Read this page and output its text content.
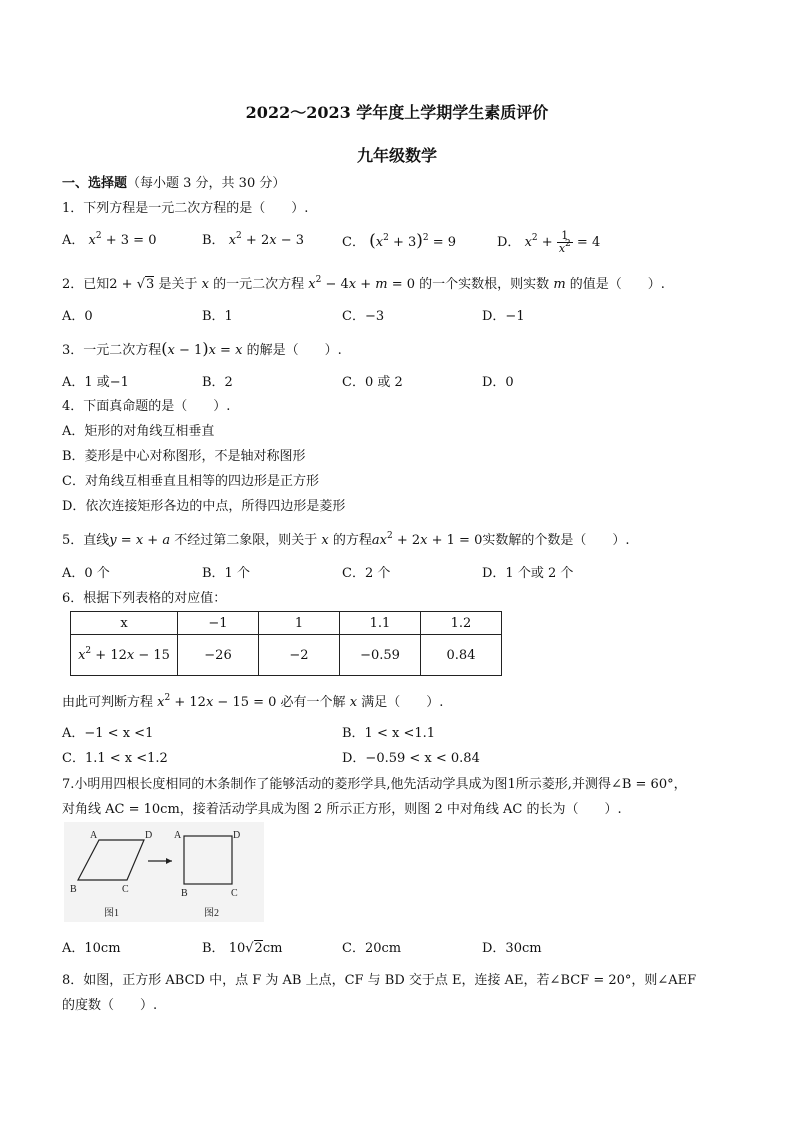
2022～2023 学年度上学期学生素质评价
九年级数学
一、选择题（每小题 3 分，共 30 分）
1．下列方程是一元二次方程的是（　　）.
A． $x^2 + 3 = 0$	B． $x^2 + 2x - 3$	C． $(x^2 + 3)^2 = 9$	D． $x^2 + \frac{1}{x^2} = 4$
2．已知2 + √3 是关于 x 的一元二次方程 $x^2 - 4x + m = 0$ 的一个实数根，则实数 m 的值是（　　）.
A．0	B．1	C．−3	D．−1
3．一元二次方程(x − 1)x = x 的解是（　　）.
A．1 或−1	B．2	C．0 或 2	D．0
4．下面真命题的是（　　）.
A．矩形的对角线互相垂直
B．菱形是中心对称图形，不是轴对称图形
C．对角线互相垂直且相等的四边形是正方形
D．依次连接矩形各边的中点，所得四边形是菱形
5．直线y = x + a 不经过第二象限，则关于 x 的方程$ax^2 + 2x + 1 = 0$实数解的个数是（　　）.
A．0 个	B．1 个	C．2 个	D．1 个或 2 个
6．根据下列表格的对应值：
x	−1	1	1.1	1.2
$x^2 + 12x - 15$	−26	−2	−0.59	0.84
由此可判断方程 $x^2 + 12x - 15 = 0$ 必有一个解 x 满足（　　）.
A．−1 < x <1	B．1 < x <1.1
C．1.1 < x <1.2	D．−0.59 < x < 0.84
7.小明用四根长度相同的木条制作了能够活动的菱形学具,他先活动学具成为图1所示菱形,并测得∠B = 60°，
对角线 AC = 10cm，接着活动学具成为图 2 所示正方形，则图 2 中对角线 AC 的长为（　　）.
A	D
B	C
A	D
B	C
图1	图2
A．10cm	B． 10√2cm	C．20cm	D．30cm
8．如图，正方形 ABCD 中，点 F 为 AB 上点，CF 与 BD 交于点 E，连接 AE，若∠BCF = 20°，则∠AEF
的度数（　　）.
